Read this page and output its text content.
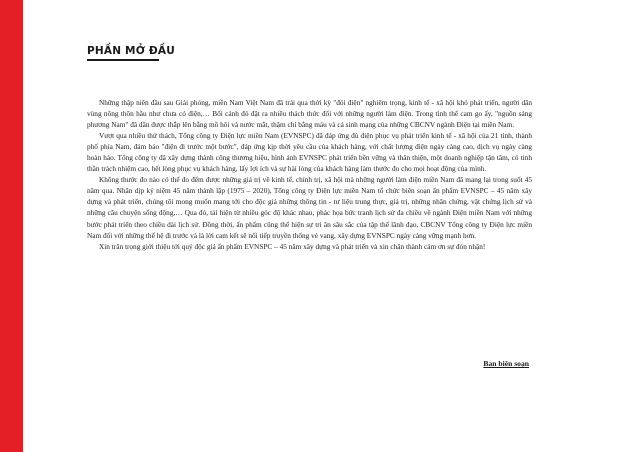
PHẦN MỞ ĐẦU

Những thập niên đầu sau Giải phóng, miền Nam Việt Nam đã trải qua thời kỳ "đói điện" nghiêm trọng, kinh tế - xã hội khó phát triển, người dân vùng nông thôn hầu như chưa có điện,… Bối cảnh đó đặt ra nhiều thách thức đối với những người làm điện. Trong tình thế cam go ấy, "nguồn sáng phương Nam" đã dần được thắp lên bằng mồ hôi và nước mắt, thậm chí bằng máu và cả sinh mạng của những CBCNV ngành Điện tại miền Nam.

Vượt qua nhiều thử thách, Tổng công ty Điện lực miền Nam (EVNSPC) đã đáp ứng đủ điện phục vụ phát triển kinh tế - xã hội của 21 tỉnh, thành phố phía Nam, đảm bảo "điện đi trước một bước", đáp ứng kịp thời yêu cầu của khách hàng, với chất lượng điện ngày càng cao, dịch vụ ngày càng hoàn hảo. Tổng công ty đã xây dựng thành công thương hiệu, hình ảnh EVNSPC phát triển bền vững và thân thiện, một doanh nghiệp tận tâm, có tinh thần trách nhiệm cao, hết lòng phục vụ khách hàng, lấy lợi ích và sự hài lòng của khách hàng làm thước đo cho mọi hoạt động của mình.

Không thước đo nào có thể đo đếm được những giá trị về kinh tế, chính trị, xã hội mà những người làm điện miền Nam đã mang lại trong suốt 45 năm qua. Nhân dịp kỷ niệm 45 năm thành lập (1975 – 2020), Tổng công ty Điện lực miền Nam tổ chức biên soạn ấn phẩm EVNSPC – 45 năm xây dựng và phát triển, chúng tôi mong muốn mang tới cho độc giả những thông tin - tư liệu trung thực, giá trị, những nhân chứng, vật chứng lịch sử và những câu chuyện sống động,… Qua đó, tái hiện từ nhiều góc độ khác nhau, phác họa bức tranh lịch sử đa chiều về ngành Điện miền Nam với những bước phát triển theo chiều dài lịch sử. Đồng thời, ấn phẩm cũng thể hiện sự tri ân sâu sắc của tập thể lãnh đạo, CBCNV Tổng công ty Điện lực miền Nam đối với những thế hệ đi trước và là lời cam kết sẽ nối tiếp truyền thống vẻ vang, xây dựng EVNSPC ngày càng vững mạnh hơn.

Xin trân trọng giới thiệu tới quý độc giả ấn phẩm EVNSPC – 45 năm xây dựng và phát triển và xin chân thành cám ơn sự đón nhận!

Ban biên soạn
